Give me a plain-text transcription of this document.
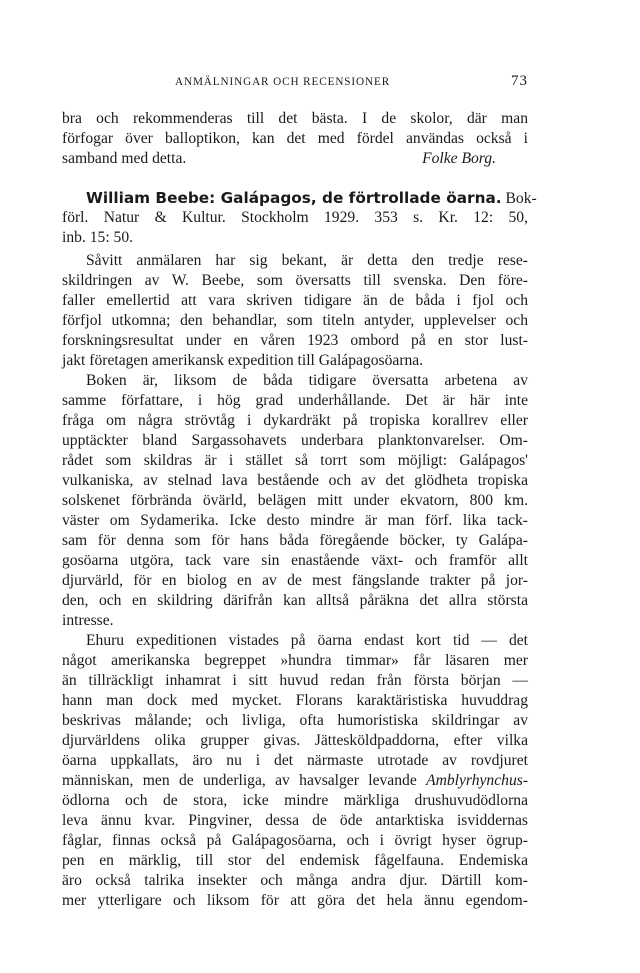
ANMÄLNINGAR OCH RECENSIONER	73
bra och rekommenderas till det bästa. I de skolor, där man
förfogar över balloptikon, kan det med fördel användas också i
samband med detta.	Folke Borg.
William Beebe: Galápagos, de förtrollade öarna. Bok-
förl. Natur & Kultur. Stockholm 1929. 353 s. Kr. 12: 50,
inb. 15: 50.
Såvitt anmälaren har sig bekant, är detta den tredje rese-
skildringen av W. Beebe, som översatts till svenska. Den före-
faller emellertid att vara skriven tidigare än de båda i fjol och
förfjol utkomna; den behandlar, som titeln antyder, upplevelser och
forskningsresultat under en våren 1923 ombord på en stor lust-
jakt företagen amerikansk expedition till Galápagosöarna.
Boken är, liksom de båda tidigare översatta arbetena av
samme författare, i hög grad underhållande. Det är här inte
fråga om några strövtåg i dykardräkt på tropiska korallrev eller
upptäckter bland Sargassohavets underbara planktonvarelser. Om-
rådet som skildras är i stället så torrt som möjligt: Galápagos'
vulkaniska, av stelnad lava bestående och av det glödheta tropiska
solskenet förbrända övärld, belägen mitt under ekvatorn, 800 km.
väster om Sydamerika. Icke desto mindre är man förf. lika tack-
sam för denna som för hans båda föregående böcker, ty Galápa-
gosöarna utgöra, tack vare sin enastående växt- och framför allt
djurvärld, för en biolog en av de mest fängslande trakter på jor-
den, och en skildring därifrån kan alltså påräkna det allra största
intresse.
Ehuru expeditionen vistades på öarna endast kort tid — det
något amerikanska begreppet »hundra timmar» får läsaren mer
än tillräckligt inhamrat i sitt huvud redan från första början —
hann man dock med mycket. Florans karaktäristiska huvuddrag
beskrivas målande; och livliga, ofta humoristiska skildringar av
djurvärldens olika grupper givas. Jättesköldpaddorna, efter vilka
öarna uppkallats, äro nu i det närmaste utrotade av rovdjuret
människan, men de underliga, av havsalger levande Amblyrhynchus-
ödlorna och de stora, icke mindre märkliga drushuvudödlorna
leva ännu kvar. Pingviner, dessa de öde antarktiska isviddernas
fåglar, finnas också på Galápagosöarna, och i övrigt hyser ögrup-
pen en märklig, till stor del endemisk fågelfauna. Endemiska
äro också talrika insekter och många andra djur. Därtill kom-
mer ytterligare och liksom för att göra det hela ännu egendom-
